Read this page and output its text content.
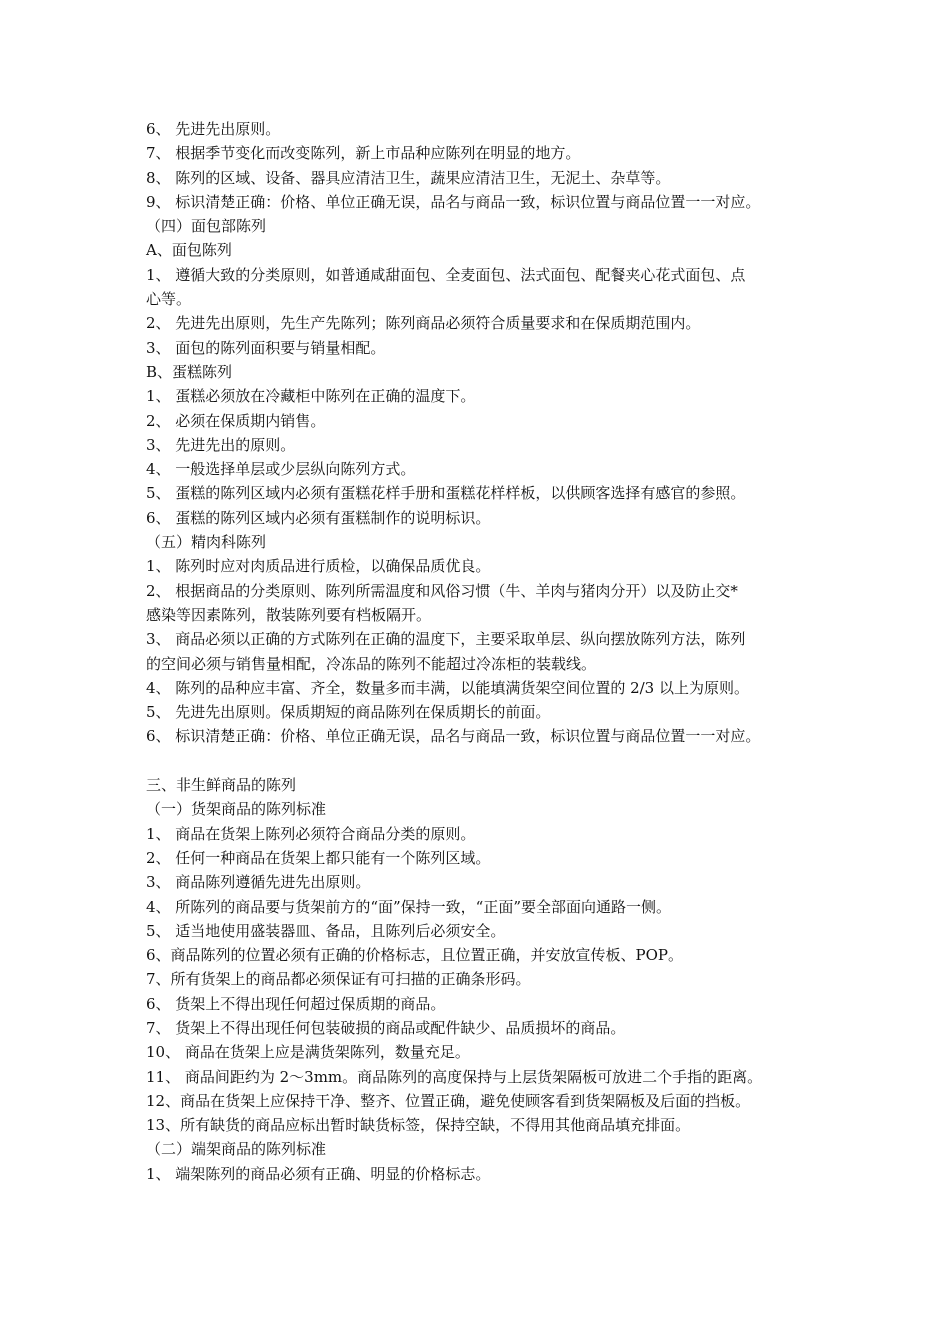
6、 先进先出原则。
7、 根据季节变化而改变陈列，新上市品种应陈列在明显的地方。
8、 陈列的区域、设备、器具应清洁卫生，蔬果应清洁卫生，无泥土、杂草等。
9、 标识清楚正确：价格、单位正确无误，品名与商品一致，标识位置与商品位置一一对应。
（四）面包部陈列
A、面包陈列
1、 遵循大致的分类原则，如普通咸甜面包、全麦面包、法式面包、配餐夹心花式面包、点
心等。
2、 先进先出原则，先生产先陈列；陈列商品必须符合质量要求和在保质期范围内。
3、 面包的陈列面积要与销量相配。
B、蛋糕陈列
1、 蛋糕必须放在冷藏柜中陈列在正确的温度下。
2、 必须在保质期内销售。
3、 先进先出的原则。
4、 一般选择单层或少层纵向陈列方式。
5、 蛋糕的陈列区域内必须有蛋糕花样手册和蛋糕花样样板，以供顾客选择有感官的参照。
6、 蛋糕的陈列区域内必须有蛋糕制作的说明标识。
（五）精肉科陈列
1、 陈列时应对肉质品进行质检，以确保品质优良。
2、 根据商品的分类原则、陈列所需温度和风俗习惯（牛、羊肉与猪肉分开）以及防止交*
感染等因素陈列，散装陈列要有档板隔开。
3、 商品必须以正确的方式陈列在正确的温度下，主要采取单层、纵向摆放陈列方法，陈列
的空间必须与销售量相配，冷冻品的陈列不能超过冷冻柜的装载线。
4、 陈列的品种应丰富、齐全，数量多而丰满，以能填满货架空间位置的 2/3 以上为原则。
5、 先进先出原则。保质期短的商品陈列在保质期长的前面。
6、 标识清楚正确：价格、单位正确无误，品名与商品一致，标识位置与商品位置一一对应。
三、非生鲜商品的陈列
（一）货架商品的陈列标准
1、 商品在货架上陈列必须符合商品分类的原则。
2、 任何一种商品在货架上都只能有一个陈列区域。
3、 商品陈列遵循先进先出原则。
4、 所陈列的商品要与货架前方的“面”保持一致，“正面”要全部面向通路一侧。
5、 适当地使用盛装器皿、备品，且陈列后必须安全。
6、商品陈列的位置必须有正确的价格标志，且位置正确，并安放宣传板、POP。
7、所有货架上的商品都必须保证有可扫描的正确条形码。
6、 货架上不得出现任何超过保质期的商品。
7、 货架上不得出现任何包装破损的商品或配件缺少、品质损坏的商品。
10、 商品在货架上应是满货架陈列，数量充足。
11、 商品间距约为 2～3mm。商品陈列的高度保持与上层货架隔板可放进二个手指的距离。
12、商品在货架上应保持干净、整齐、位置正确，避免使顾客看到货架隔板及后面的挡板。
13、所有缺货的商品应标出暂时缺货标签，保持空缺，不得用其他商品填充排面。
（二）端架商品的陈列标准
1、 端架陈列的商品必须有正确、明显的价格标志。
